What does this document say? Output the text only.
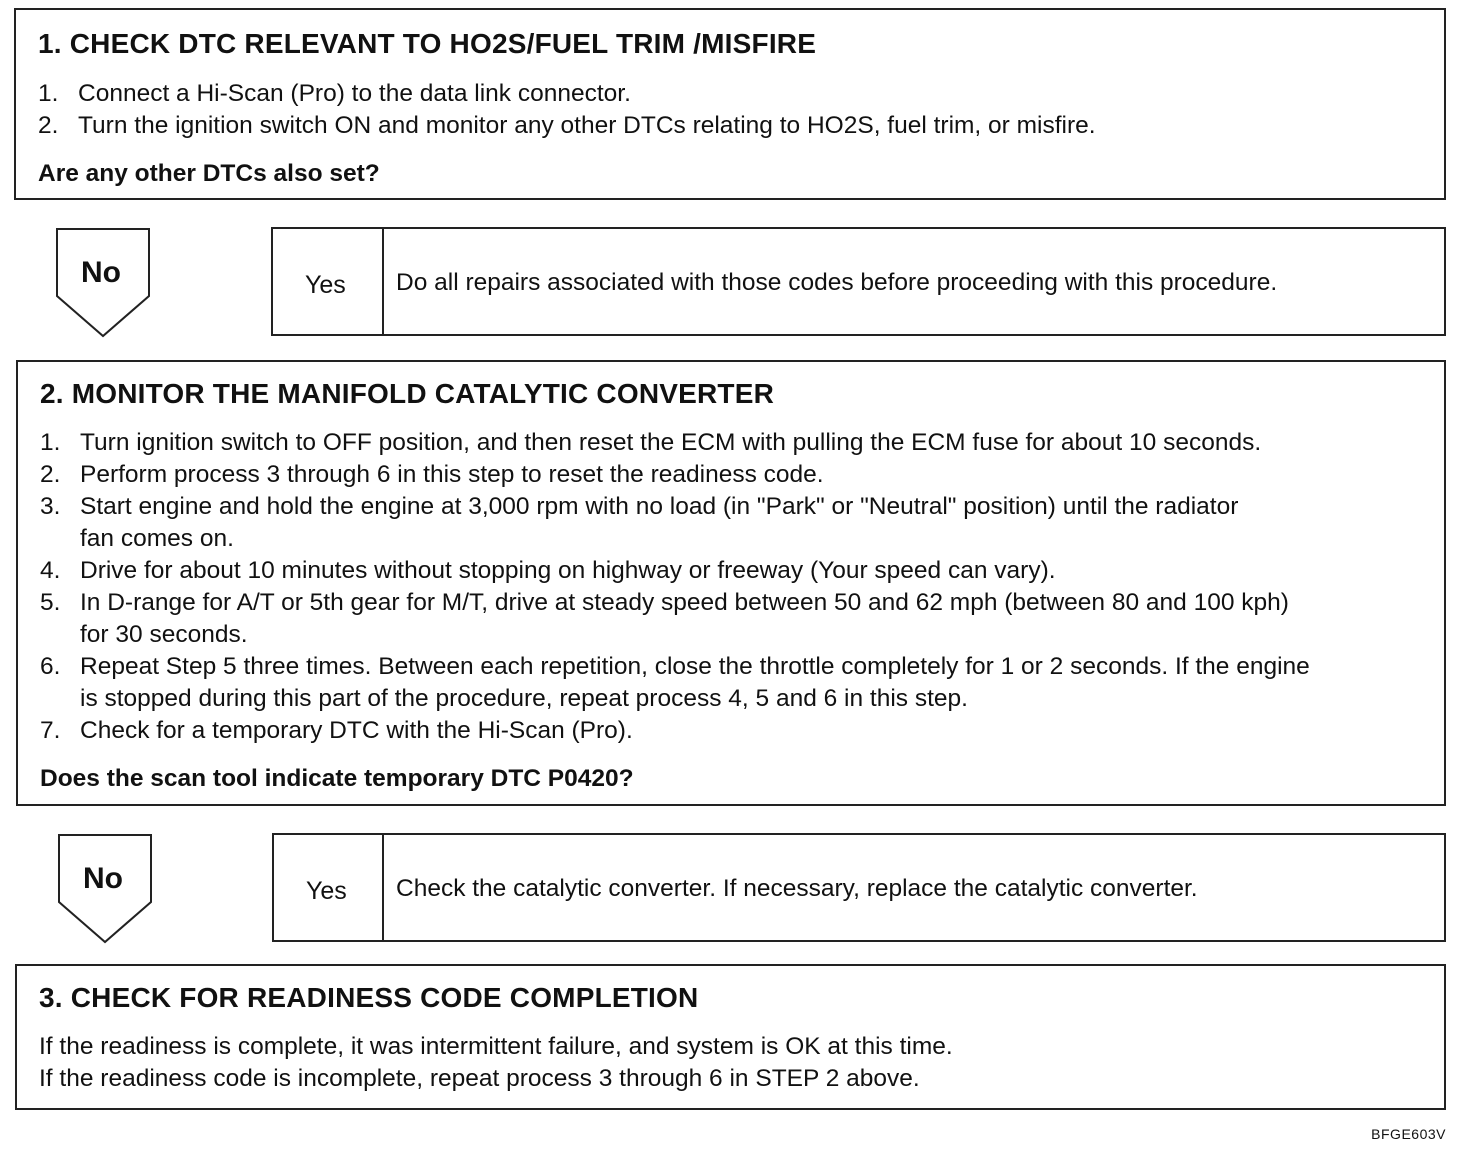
1. CHECK DTC RELEVANT TO HO2S/FUEL TRIM /MISFIRE
1. Connect a Hi-Scan (Pro) to the data link connector.
2. Turn the ignition switch ON and monitor any other DTCs relating to HO2S, fuel trim, or misfire.
Are any other DTCs also set?
No	Yes Do all repairs associated with those codes before proceeding with this procedure.
2. MONITOR THE MANIFOLD CATALYTIC CONVERTER
1. Turn ignition switch to OFF position, and then reset the ECM with pulling the ECM fuse for about 10 seconds.
2. Perform process 3 through 6 in this step to reset the readiness code.
3. Start engine and hold the engine at 3,000 rpm with no load (in "Park" or "Neutral" position) until the radiator
fan comes on.
4. Drive for about 10 minutes without stopping on highway or freeway (Your speed can vary).
5. In D-range for A/T or 5th gear for M/T, drive at steady speed between 50 and 62 mph (between 80 and 100 kph)
for 30 seconds.
6. Repeat Step 5 three times. Between each repetition, close the throttle completely for 1 or 2 seconds. If the engine
is stopped during this part of the procedure, repeat process 4, 5 and 6 in this step.
7. Check for a temporary DTC with the Hi-Scan (Pro).
Does the scan tool indicate temporary DTC P0420?
No	Yes Check the catalytic converter. If necessary, replace the catalytic converter.
3. CHECK FOR READINESS CODE COMPLETION
If the readiness is complete, it was intermittent failure, and system is OK at this time.
If the readiness code is incomplete, repeat process 3 through 6 in STEP 2 above.
BFGE603V
